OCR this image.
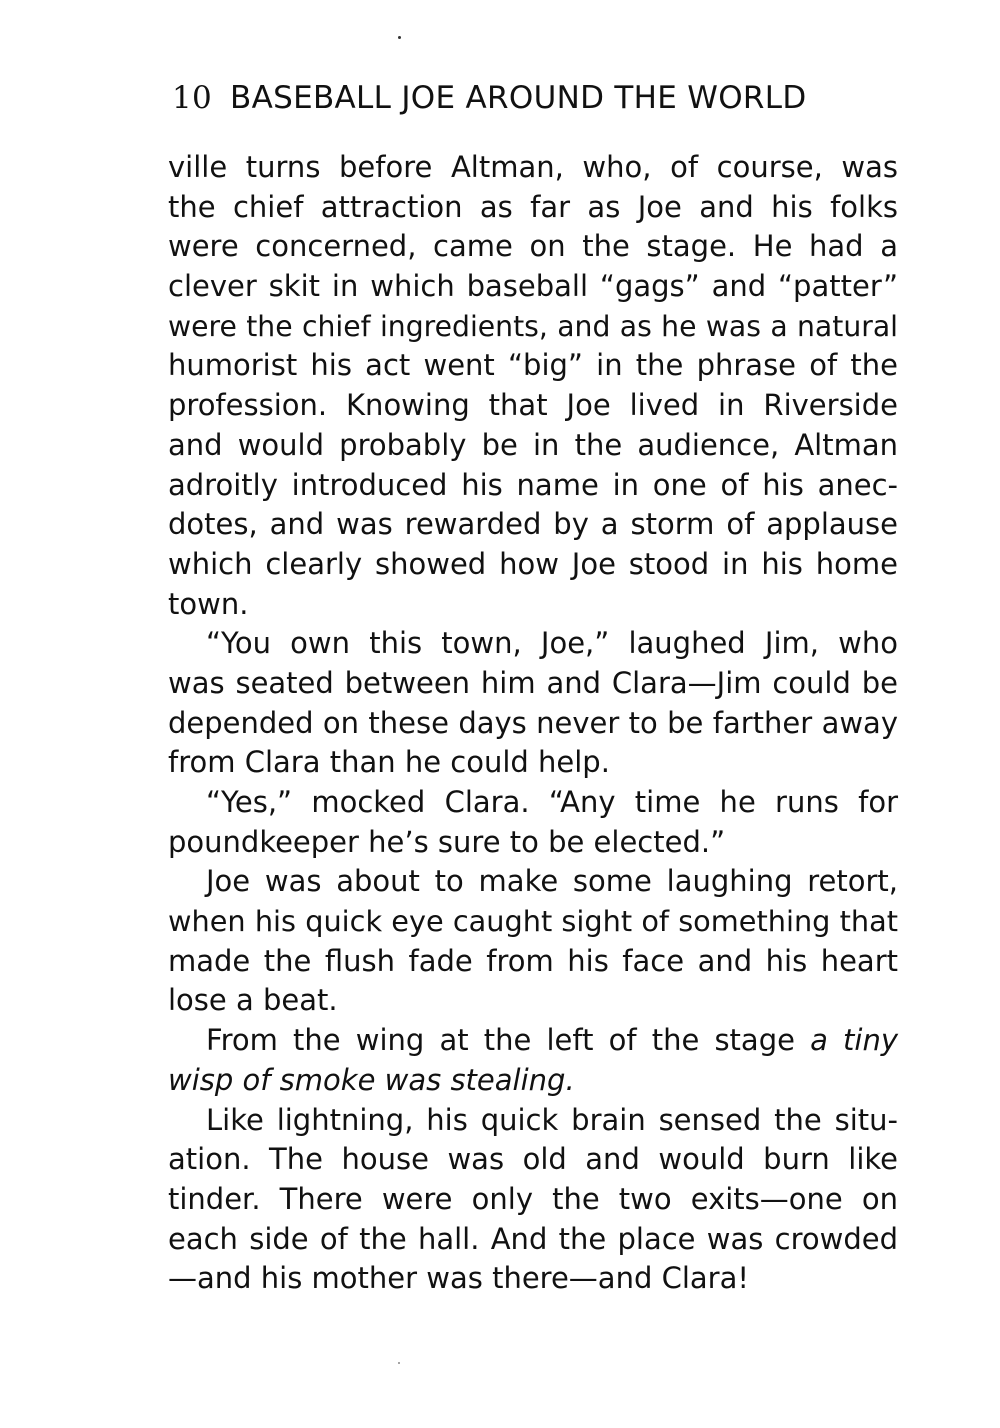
10 BASEBALL JOE AROUND THE WORLD
ville turns before Altman, who, of course, was
the chief attraction as far as Joe and his folks
were concerned, came on the stage. He had a
clever skit in which baseball “gags” and “patter”
were the chief ingredients, and as he was a natural
humorist his act went “big” in the phrase of the
profession. Knowing that Joe lived in Riverside
and would probably be in the audience, Altman
adroitly introduced his name in one of his anec-
dotes, and was rewarded by a storm of applause
which clearly showed how Joe stood in his home
town.
“You own this town, Joe,” laughed Jim, who
was seated between him and Clara—Jim could be
depended on these days never to be farther away
from Clara than he could help.
“Yes,” mocked Clara. “Any time he runs for
poundkeeper he’s sure to be elected.”
Joe was about to make some laughing retort,
when his quick eye caught sight of something that
made the flush fade from his face and his heart
lose a beat.
From the wing at the left of the stage a tiny
wisp of smoke was stealing.
Like lightning, his quick brain sensed the situ-
ation. The house was old and would burn like
tinder. There were only the two exits—one on
each side of the hall. And the place was crowded
—and his mother was there—and Clara!
